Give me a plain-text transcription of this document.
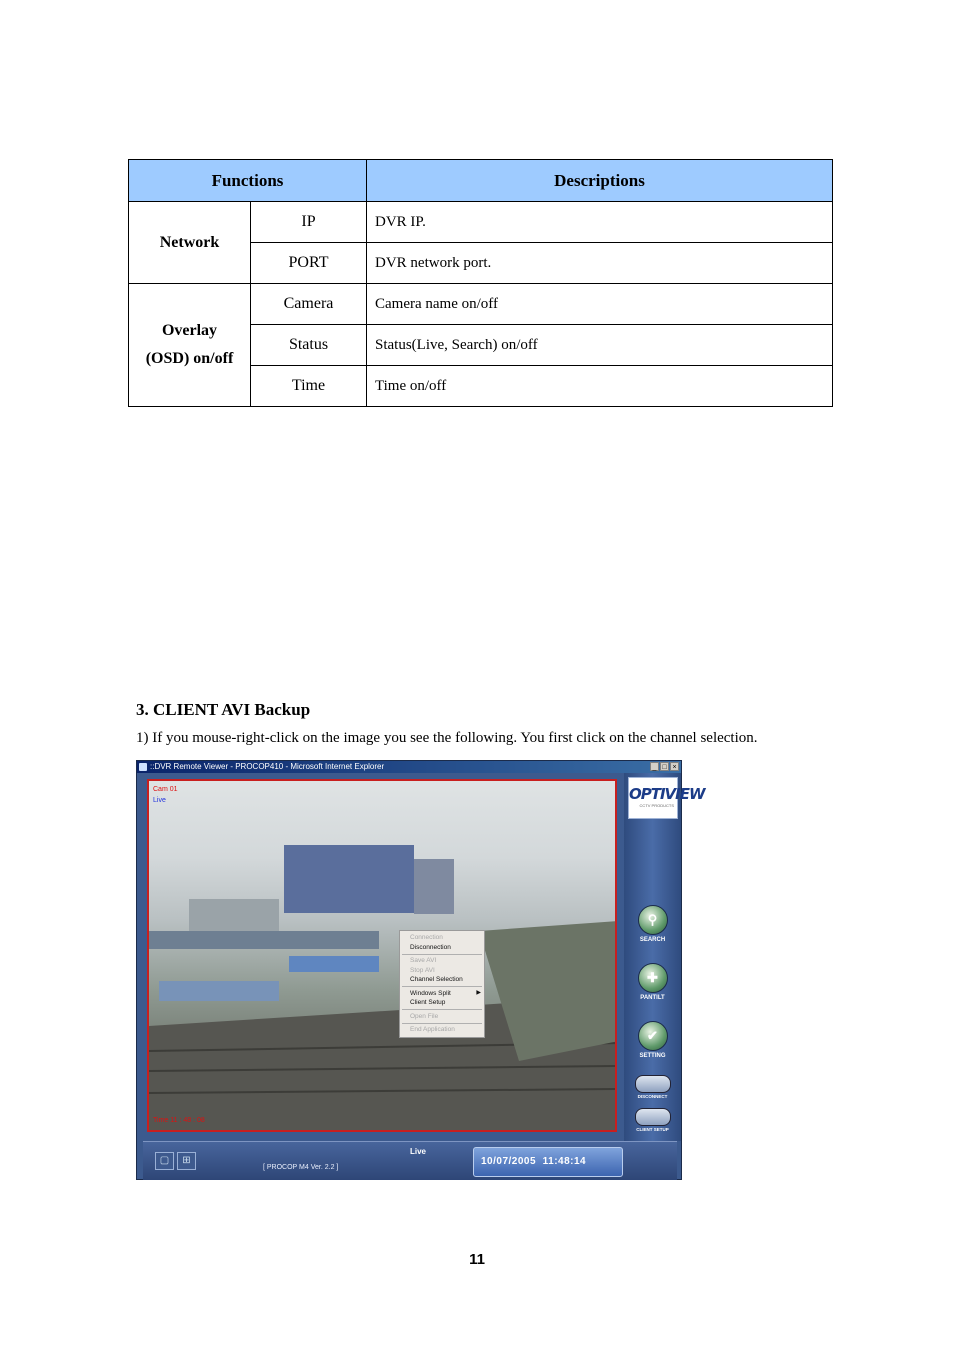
Functions		Descriptions
Network	IP	DVR IP.
	PORT	DVR network port.
Overlay
(OSD) on/off	Camera	Camera name on/off
	Status	Status(Live, Search) on/off
	Time	Time on/off
3. CLIENT AVI Backup
1) If you mouse-right-click on the image you see the following. You first click on the channel selection.
::DVR Remote Viewer - PROCOP410 - Microsoft Internet Explorer	_ □ ×
Cam 01
Live
Time 11 : 48 : 08
Connection
Disconnection
Save AVI
Stop AVI
Channel Selection
Windows Split	▶
Client Setup
Open File
End Application
OPTIVIEW
CCTV PRODUCTS
⚲
SEARCH
✚
PANTILT
✔
SETTING
DISCONNECT
CLIENT SETUP
▢	⊞
[ PROCOP M4 Ver. 2.2 ]
Live
10/07/2005 11:48:14
11
